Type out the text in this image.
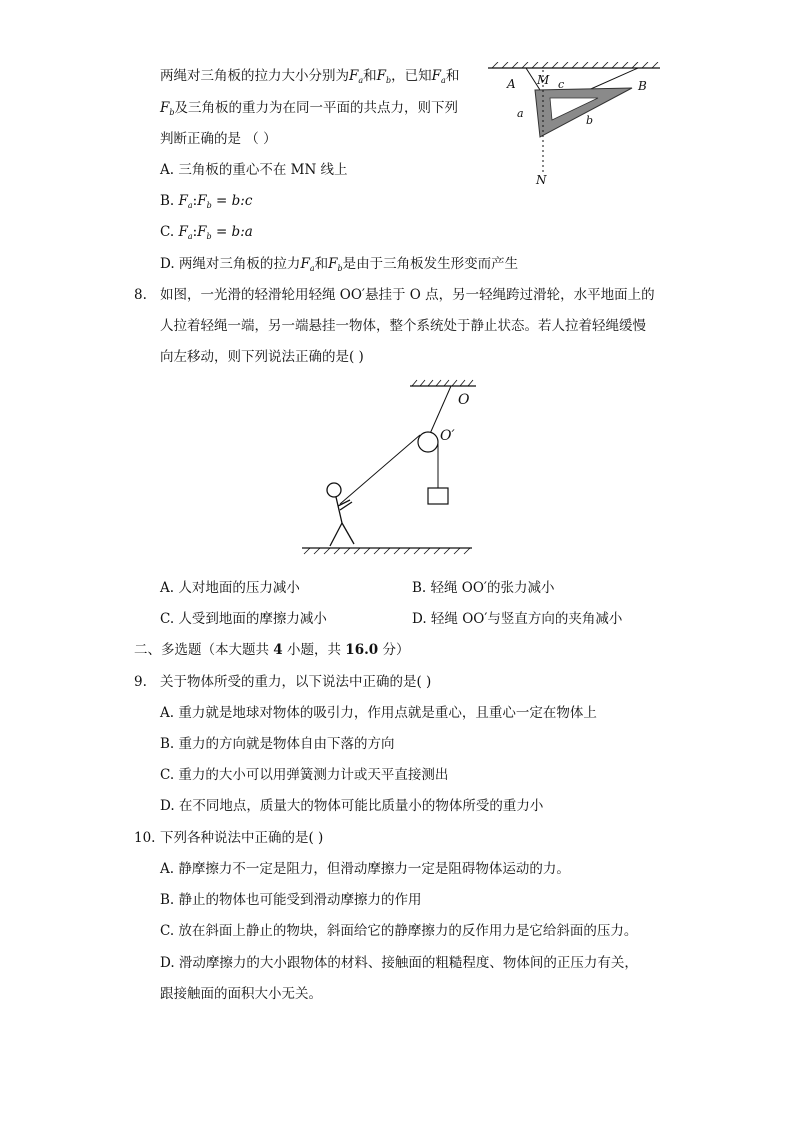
两绳对三角板的拉力大小分别为$F_a$和$F_b$，已知$F_a$和
$F_b$及三角板的重力为在同一平面的共点力，则下列
判断正确的是 （ ）
A M c	B
a
b
N
A. 三角板的重心不在 MN 线上
B. $F_a:F_b$ = b:c
C. $F_a:F_b$ = b:a
D. 两绳对三角板的拉力$F_a$和$F_b$是由于三角板发生形变而产生
8. 如图，一光滑的轻滑轮用轻绳 OO′悬挂于 O 点，另一轻绳跨过滑轮，水平地面上的
人拉着轻绳一端，另一端悬挂一物体，整个系统处于静止状态。若人拉着轻绳缓慢
向左移动，则下列说法正确的是( )
O
O′
A. 人对地面的压力减小	B. 轻绳 OO′的张力减小
C. 人受到地面的摩擦力减小	D. 轻绳 OO′与竖直方向的夹角减小
二、多选题（本大题共 4 小题，共 16.0 分）
9. 关于物体所受的重力，以下说法中正确的是( )
A. 重力就是地球对物体的吸引力，作用点就是重心，且重心一定在物体上
B. 重力的方向就是物体自由下落的方向
C. 重力的大小可以用弹簧测力计或天平直接测出
D. 在不同地点，质量大的物体可能比质量小的物体所受的重力小
10. 下列各种说法中正确的是( )
A. 静摩擦力不一定是阻力，但滑动摩擦力一定是阻碍物体运动的力。
B. 静止的物体也可能受到滑动摩擦力的作用
C. 放在斜面上静止的物块，斜面给它的静摩擦力的反作用力是它给斜面的压力。
D. 滑动摩擦力的大小跟物体的材料、接触面的粗糙程度、物体间的正压力有关，
跟接触面的面积大小无关。
